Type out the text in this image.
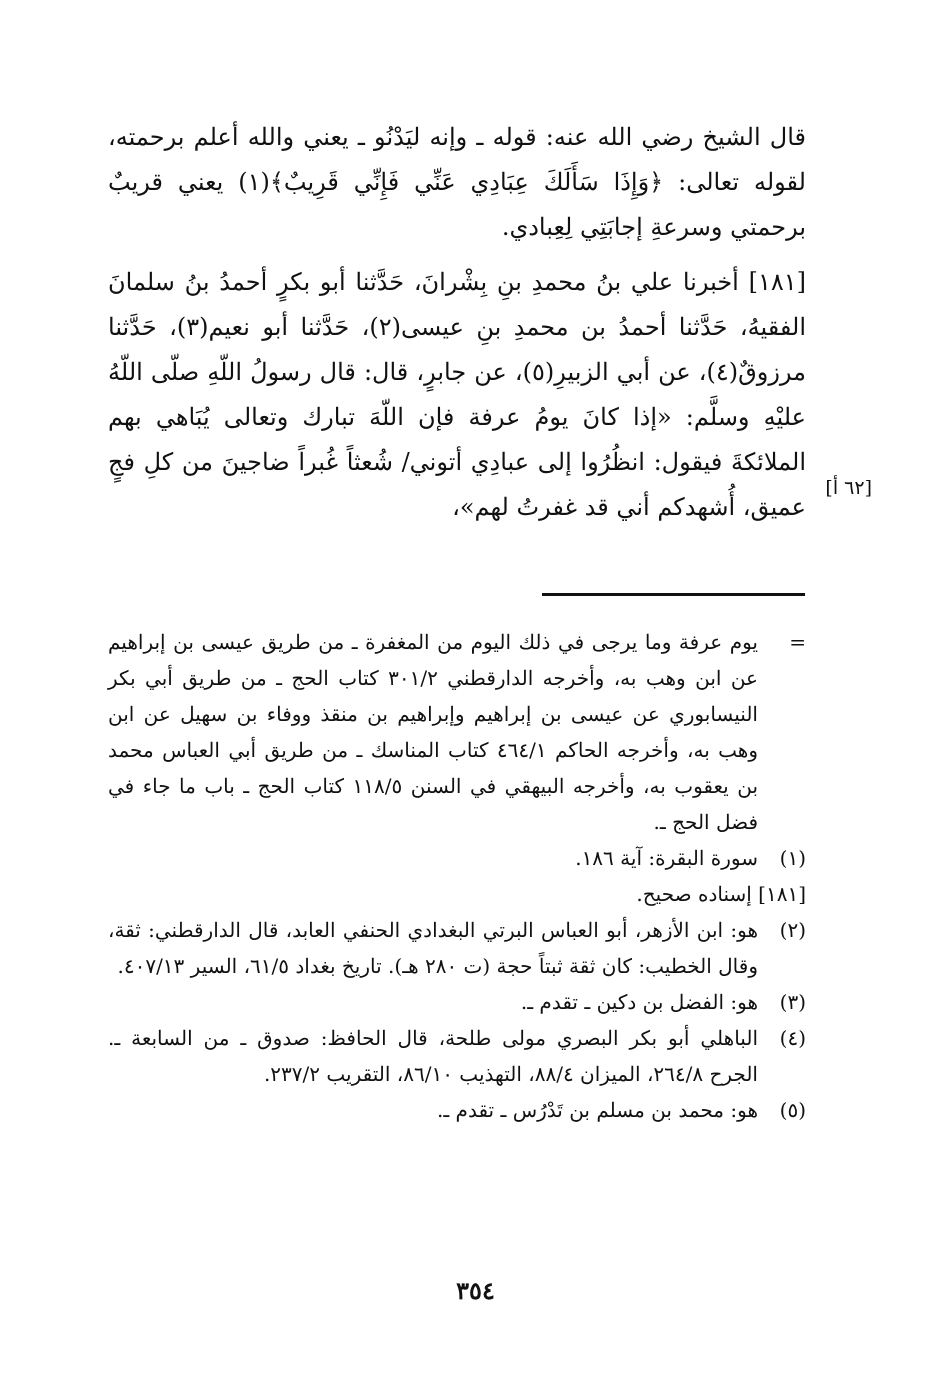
قال الشيخ رضي الله عنه: قوله ـ وإنه ليَدْنُو ـ يعني والله أعلم برحمته، لقوله تعالى: ﴿وَإِذَا سَأَلَكَ عِبَادِي عَنِّي فَإِنِّي قَرِيبٌ﴾(١) يعني قريبٌ برحمتي وسرعةِ إجابَتِي لِعِبادي.

[١٨١] أخبرنا علي بنُ محمدِ بنِ بِشْرانَ، حَدَّثنا أبو بكرٍ أحمدُ بنُ سلمانَ الفقيهُ، حَدَّثنا أحمدُ بن محمدِ بنِ عيسى(٢)، حَدَّثنا أبو نعيم(٣)، حَدَّثنا مرزوقٌ(٤)، عن أبي الزبيرِ(٥)، عن جابرٍ، قال: قال رسولُ اللّهِ صلّى اللّهُ عليْهِ وسلَّم: «إذا كانَ يومُ عرفة فإن اللّهَ تبارك وتعالى يُبَاهي بهم الملائكةَ فيقول: انظُرُوا إلى عبادِي أتوني/ شُعثاً غُبراً ضاجينَ من كلِ فجٍ عميق، أُشهدكم أني قد غفرتُ لهم»،

[٦٢ أ]

=
يوم عرفة وما يرجى في ذلك اليوم من المغفرة ـ من طريق عيسى بن إبراهيم عن ابن وهب به، وأخرجه الدارقطني ٣٠١/٢ كتاب الحج ـ من طريق أبي بكر النيسابوري عن عيسى بن إبراهيم وإبراهيم بن منقذ ووفاء بن سهيل عن ابن وهب به، وأخرجه الحاكم ٤٦٤/١ كتاب المناسك ـ من طريق أبي العباس محمد بن يعقوب به، وأخرجه البيهقي في السنن ١١٨/٥ كتاب الحج ـ باب ما جاء في فضل الحج ـ.

(١)
سورة البقرة: آية ١٨٦.

[١٨١] إسناده صحيح.

(٢)
هو: ابن الأزهر، أبو العباس البرتي البغدادي الحنفي العابد، قال الدارقطني: ثقة، وقال الخطيب: كان ثقة ثبتاً حجة (ت ٢٨٠ هـ). تاريخ بغداد ٦١/٥، السير ٤٠٧/١٣.

(٣)
هو: الفضل بن دكين ـ تقدم ـ.

(٤)
الباهلي أبو بكر البصري مولى طلحة، قال الحافظ: صدوق ـ من السابعة ـ. الجرح ٢٦٤/٨، الميزان ٨٨/٤، التهذيب ٨٦/١٠، التقريب ٢٣٧/٢.

(٥)
هو: محمد بن مسلم بن تَدْرُس ـ تقدم ـ.

٣٥٤
